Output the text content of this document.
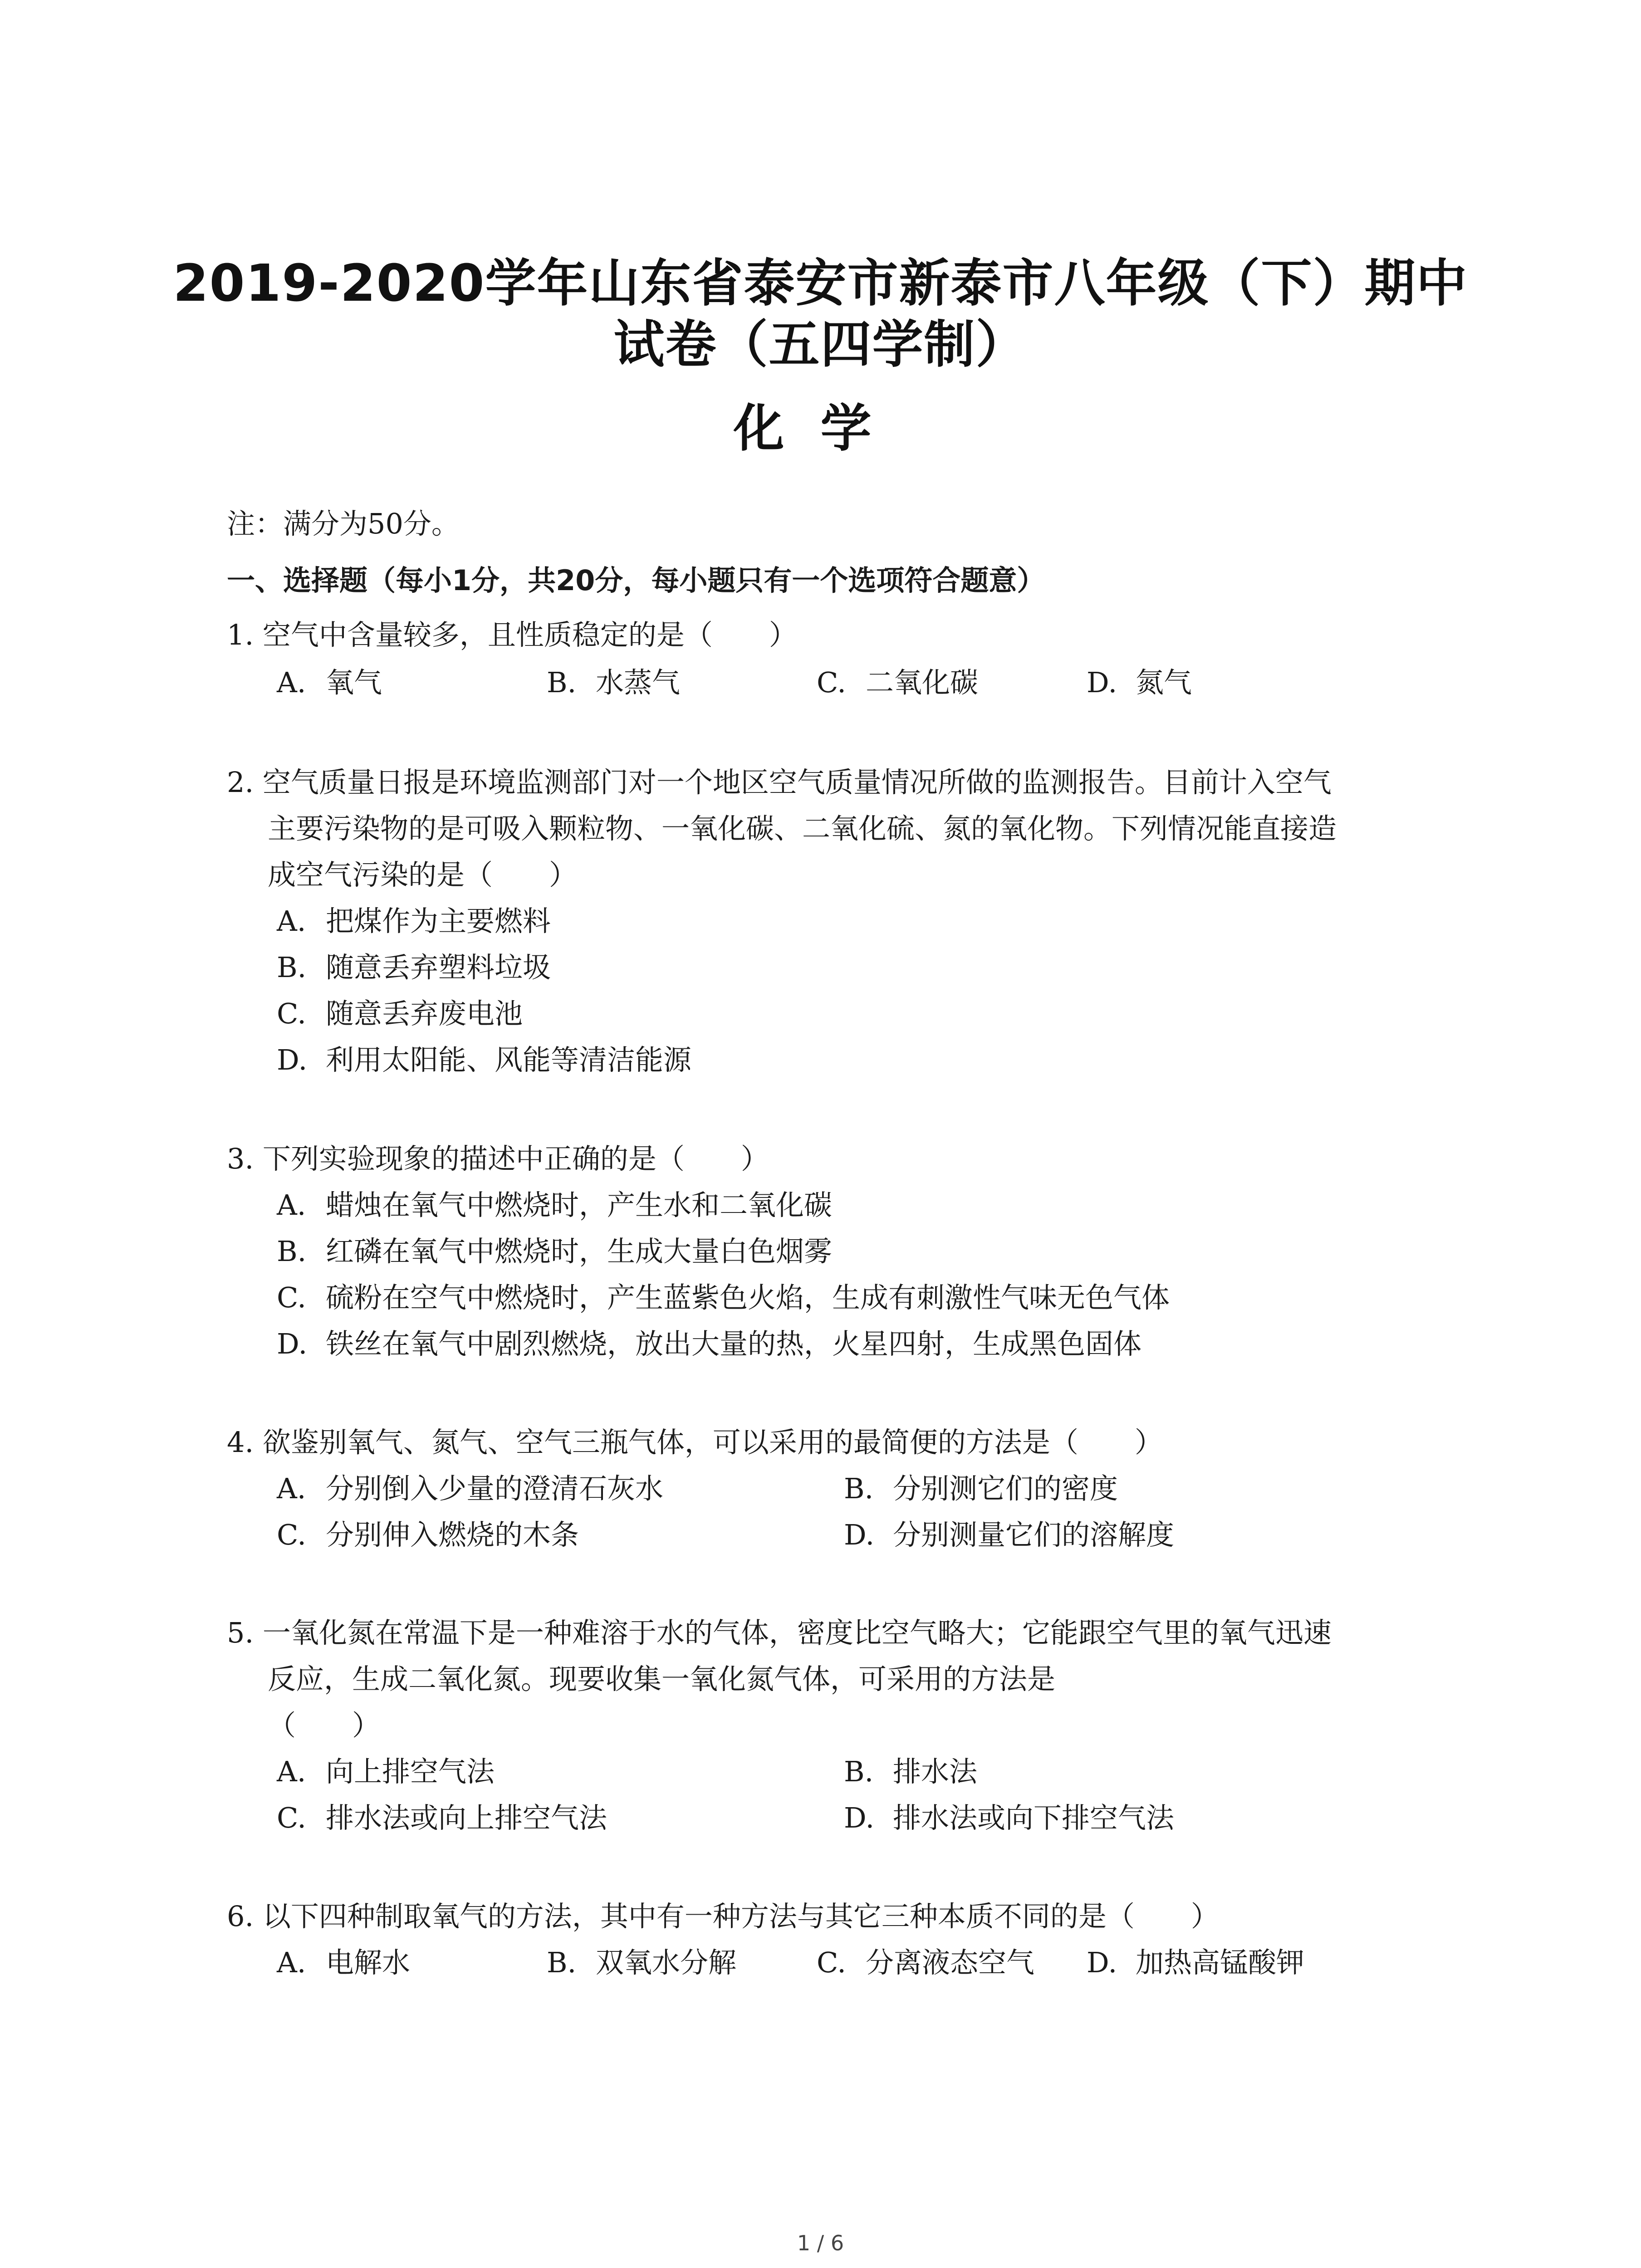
2019-2020学年山东省泰安市新泰市八年级（下）期中
试卷（五四学制）
化学
注：满分为50分。
一、选择题（每小1分，共20分，每小题只有一个选项符合题意）
1. 空气中含量较多，且性质稳定的是（　　）
A. 氧气	B. 水蒸气	C. 二氧化碳	D. 氮气
2. 空气质量日报是环境监测部门对一个地区空气质量情况所做的监测报告。目前计入空气
主要污染物的是可吸入颗粒物、一氧化碳、二氧化硫、氮的氧化物。下列情况能直接造
成空气污染的是（　　）
A. 把煤作为主要燃料
B. 随意丢弃塑料垃圾
C. 随意丢弃废电池
D. 利用太阳能、风能等清洁能源
3. 下列实验现象的描述中正确的是（　　）
A. 蜡烛在氧气中燃烧时，产生水和二氧化碳
B. 红磷在氧气中燃烧时，生成大量白色烟雾
C. 硫粉在空气中燃烧时，产生蓝紫色火焰，生成有刺激性气味无色气体
D. 铁丝在氧气中剧烈燃烧，放出大量的热，火星四射，生成黑色固体
4. 欲鉴别氧气、氮气、空气三瓶气体，可以采用的最简便的方法是（　　）
A. 分别倒入少量的澄清石灰水	B. 分别测它们的密度
C. 分别伸入燃烧的木条	D. 分别测量它们的溶解度
5. 一氧化氮在常温下是一种难溶于水的气体，密度比空气略大；它能跟空气里的氧气迅速
反应，生成二氧化氮。现要收集一氧化氮气体，可采用的方法是
（　　）
A. 向上排空气法	B. 排水法
C. 排水法或向上排空气法	D. 排水法或向下排空气法
6. 以下四种制取氧气的方法，其中有一种方法与其它三种本质不同的是（　　）
A. 电解水	B. 双氧水分解	C. 分离液态空气 D. 加热高锰酸钾
1 / 6
